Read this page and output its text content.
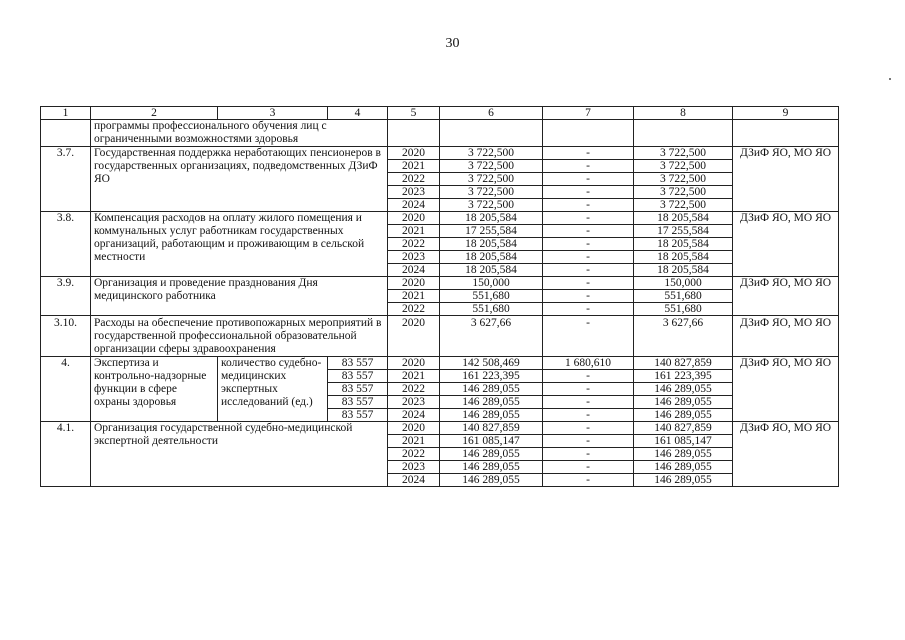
30
1	2	3	4	5	6	7	8	9
	программы профессионального обучения лиц с ограниченными возможностями здоровья							
3.7.	Государственная поддержка неработающих пенсионеров в государственных организациях, подведомственных ДЗиФ ЯО			2020	3 722,500	-	3 722,500	ДЗиФ ЯО, МО ЯО
				2021	3 722,500	-	3 722,500	
				2022	3 722,500	-	3 722,500	
				2023	3 722,500	-	3 722,500	
				2024	3 722,500	-	3 722,500	
3.8.	Компенсация расходов на оплату жилого помещения и коммунальных услуг работникам государственных организаций, работающим и проживающим в сельской местности			2020	18 205,584	-	18 205,584	ДЗиФ ЯО, МО ЯО
				2021	17 255,584	-	17 255,584	
				2022	18 205,584	-	18 205,584	
				2023	18 205,584	-	18 205,584	
				2024	18 205,584	-	18 205,584	
3.9.	Организация и проведение празднования Дня медицинского работника			2020	150,000	-	150,000	ДЗиФ ЯО, МО ЯО
				2021	551,680	-	551,680	
				2022	551,680	-	551,680	
3.10.	Расходы на обеспечение противопожарных мероприятий в государственной профессиональной образовательной организации сферы здравоохранения			2020	3 627,66	-	3 627,66	ДЗиФ ЯО, МО ЯО
4.	Экспертиза и контрольно-надзорные функции в сфере охраны здоровья	количество судебно-медицинских экспертных исследований (ед.)	83 557	2020	142 508,469	1 680,610	140 827,859	ДЗиФ ЯО, МО ЯО
			83 557	2021	161 223,395	-	161 223,395	
			83 557	2022	146 289,055	-	146 289,055	
			83 557	2023	146 289,055	-	146 289,055	
			83 557	2024	146 289,055	-	146 289,055	
4.1.	Организация государственной судебно-медицинской экспертной деятельности			2020	140 827,859	-	140 827,859	ДЗиФ ЯО, МО ЯО
				2021	161 085,147	-	161 085,147	
				2022	146 289,055	-	146 289,055	
				2023	146 289,055	-	146 289,055	
				2024	146 289,055	-	146 289,055	
